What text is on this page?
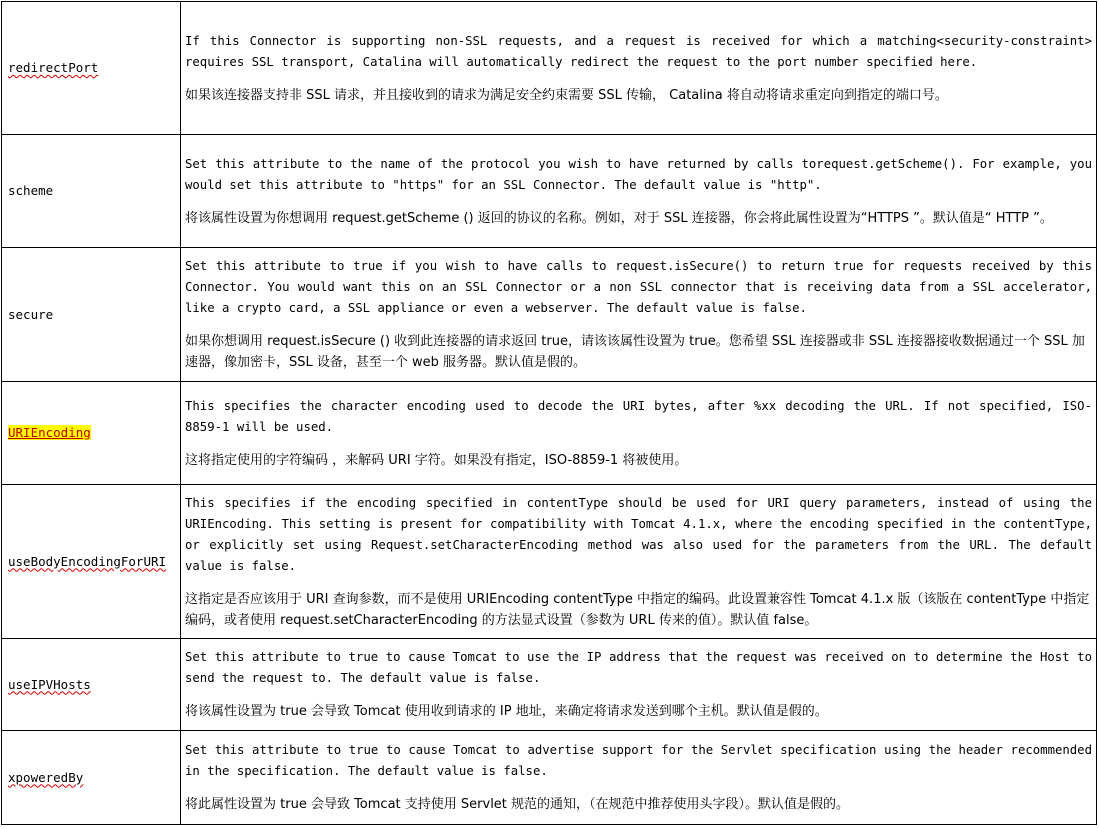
redirectPort	If this Connector is supporting non-SSL requests, and a request is received for which a matching<security-constraint> requires SSL transport, Catalina will automatically redirect the request to the port number specified here.
如果该连接器支持非 SSL 请求，并且接收到的请求为满足安全约束需要 SSL 传输， Catalina 将自动将请求重定向到指定的端口号。

scheme	Set this attribute to the name of the protocol you wish to have returned by calls torequest.getScheme(). For example, you would set this attribute to "https" for an SSL Connector. The default value is "http".
将该属性设置为你想调用 request.getScheme () 返回的协议的名称。例如，对于 SSL 连接器，你会将此属性设置为“HTTPS ”。默认值是“ HTTP ”。

secure	Set this attribute to true if you wish to have calls to request.isSecure() to return true for requests received by this Connector. You would want this on an SSL Connector or a non SSL connector that is receiving data from a SSL accelerator, like a crypto card, a SSL appliance or even a webserver. The default value is false.
如果你想调用 request.isSecure () 收到此连接器的请求返回 true，请该该属性设置为 true。您希望 SSL 连接器或非 SSL 连接器接收数据通过一个 SSL 加速器，像加密卡，SSL 设备，甚至一个 web 服务器。默认值是假的。

URIEncoding	This specifies the character encoding used to decode the URI bytes, after %xx decoding the URL. If not specified, ISO-8859-1 will be used.
这将指定使用的字符编码 ，来解码 URI 字符。如果没有指定，ISO-8859-1 将被使用。

useBodyEncodingForURI	This specifies if the encoding specified in contentType should be used for URI query parameters, instead of using the URIEncoding. This setting is present for compatibility with Tomcat 4.1.x, where the encoding specified in the contentType, or explicitly set using Request.setCharacterEncoding method was also used for the parameters from the URL. The default value is false.
这指定是否应该用于 URI 查询参数，而不是使用 URIEncoding contentType 中指定的编码。此设置兼容性 Tomcat 4.1.x 版（该版在 contentType 中指定编码，或者使用 request.setCharacterEncoding 的方法显式设置（参数为 URL 传来的值）。默认值 false。

useIPVHosts	Set this attribute to true to cause Tomcat to use the IP address that the request was received on to determine the Host to send the request to. The default value is false.
将该属性设置为 true 会导致 Tomcat 使用收到请求的 IP 地址，来确定将请求发送到哪个主机。默认值是假的。

xpoweredBy	Set this attribute to true to cause Tomcat to advertise support for the Servlet specification using the header recommended in the specification. The default value is false.
将此属性设置为 true 会导致 Tomcat 支持使用 Servlet 规范的通知，（在规范中推荐使用头字段）。默认值是假的。
